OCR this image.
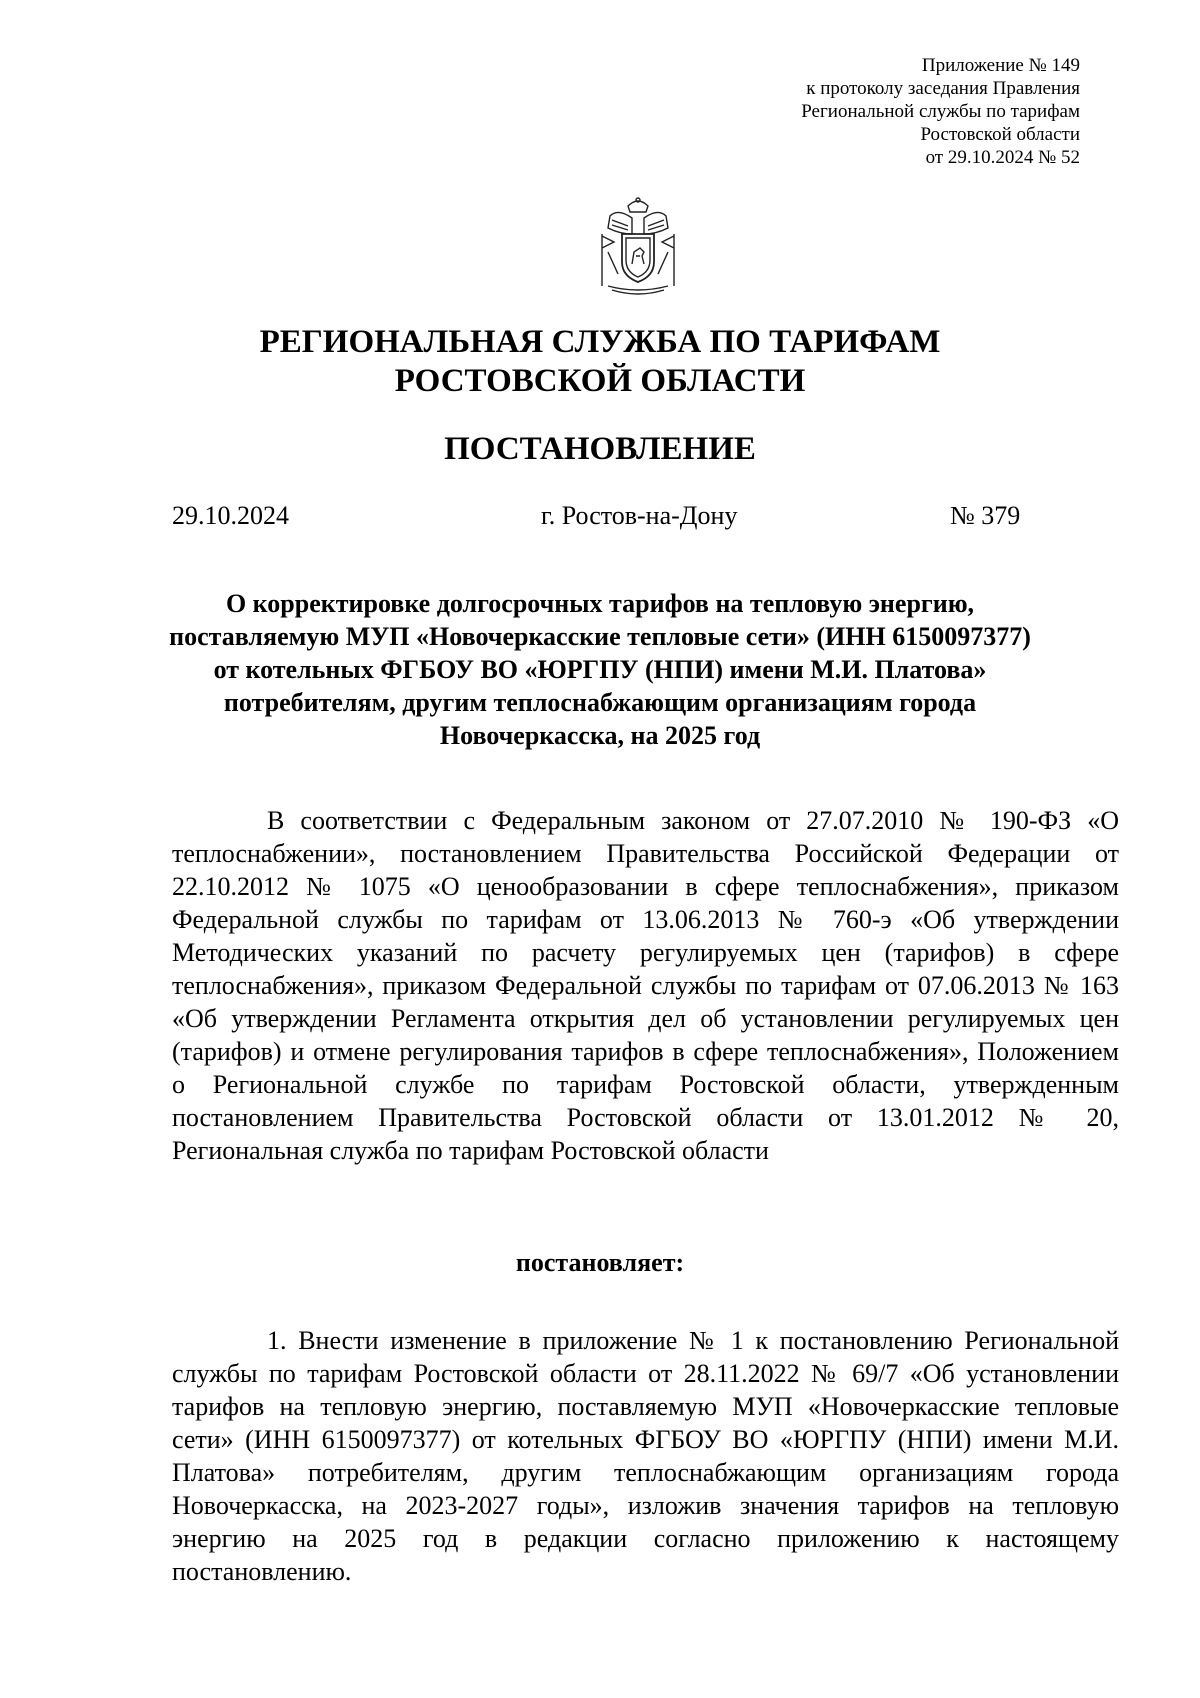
Приложение № 149
к протоколу заседания Правления
Региональной службы по тарифам
Ростовской области
от 29.10.2024 № 52
РЕГИОНАЛЬНАЯ СЛУЖБА ПО ТАРИФАМ
РОСТОВСКОЙ ОБЛАСТИ
ПОСТАНОВЛЕНИЕ
29.10.2024	г. Ростов-на-Дону	№ 379
О корректировке долгосрочных тарифов на тепловую энергию,
поставляемую МУП «Новочеркасские тепловые сети» (ИНН 6150097377)
от котельных ФГБОУ ВО «ЮРГПУ (НПИ) имени М.И. Платова»
потребителям, другим теплоснабжающим организациям города
Новочеркасска, на 2025 год
В соответствии с Федеральным законом от 27.07.2010 № 190-ФЗ «О теплоснабжении», постановлением Правительства Российской Федерации от 22.10.2012 № 1075 «О ценообразовании в сфере теплоснабжения», приказом Федеральной службы по тарифам от 13.06.2013 № 760-э «Об утверждении Методических указаний по расчету регулируемых цен (тарифов) в сфере теплоснабжения», приказом Федеральной службы по тарифам от 07.06.2013 № 163 «Об утверждении Регламента открытия дел об установлении регулируемых цен (тарифов) и отмене регулирования тарифов в сфере теплоснабжения», Положением о Региональной службе по тарифам Ростовской области, утвержденным постановлением Правительства Ростовской области от 13.01.2012 № 20, Региональная служба по тарифам Ростовской области
постановляет:
1. Внести изменение в приложение № 1 к постановлению Региональной службы по тарифам Ростовской области от 28.11.2022 № 69/7 «Об установлении тарифов на тепловую энергию, поставляемую МУП «Новочеркасские тепловые сети» (ИНН 6150097377) от котельных ФГБОУ ВО «ЮРГПУ (НПИ) имени М.И. Платова» потребителям, другим теплоснабжающим организациям города Новочеркасска, на 2023-2027 годы», изложив значения тарифов на тепловую энергию на 2025 год в редакции согласно приложению к настоящему постановлению.
